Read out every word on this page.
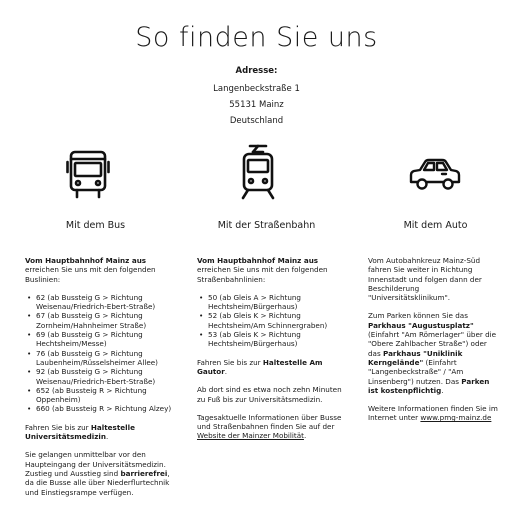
So finden Sie uns
Adresse:
Langenbeckstraße 1
55131 Mainz
Deutschland
Mit dem Bus	Mit der Straßenbahn	Mit dem Auto

Vom Hauptbahnhof Mainz aus erreichen Sie uns mit den folgenden Buslinien:

• 62 (ab Bussteig G > Richtung Weisenau/Friedrich-Ebert-Straße)
• 67 (ab Bussteig G > Richtung Zornheim/Hahnheimer Straße)
• 69 (ab Bussteig G > Richtung Hechtsheim/Messe)
• 76 (ab Bussteig G > Richtung Laubenheim/Rüsselsheimer Allee)
• 92 (ab Bussteig G > Richtung Weisenau/Friedrich-Ebert-Straße)
• 652 (ab Bussteig R > Richtung Oppenheim)
• 660 (ab Bussteig R > Richtung Alzey)

Fahren Sie bis zur Haltestelle Universitätsmedizin.

Sie gelangen unmittelbar vor den Haupteingang der Universitätsmedizin. Zustieg und Ausstieg sind barrierefrei, da die Busse alle über Niederflurtechnik und Einstiegsrampe verfügen.

Vom Hauptbahnhof Mainz aus erreichen Sie uns mit den folgenden Straßenbahnlinien:

• 50 (ab Gleis A > Richtung Hechtsheim/Bürgerhaus)
• 52 (ab Gleis K > Richtung Hechtsheim/Am Schinnergraben)
• 53 (ab Gleis K > Richtung Hechtsheim/Bürgerhaus)

Fahren Sie bis zur Haltestelle Am Gautor.

Ab dort sind es etwa noch zehn Minuten zu Fuß bis zur Universitätsmedizin.

Tagesaktuelle Informationen über Busse und Straßenbahnen finden Sie auf der Website der Mainzer Mobilität.

Vom Autobahnkreuz Mainz-Süd fahren Sie weiter in Richtung Innenstadt und folgen dann der Beschilderung "Universitätsklinikum".

Zum Parken können Sie das Parkhaus "Augustusplatz" (Einfahrt "Am Römerlager" über die "Obere Zahlbacher Straße") oder das Parkhaus "Uniklinik Kerngelände" (Einfahrt "Langenbeckstraße" / "Am Linsenberg") nutzen. Das Parken ist kostenpflichtig.

Weitere Informationen finden Sie im Internet unter www.pmg-mainz.de
